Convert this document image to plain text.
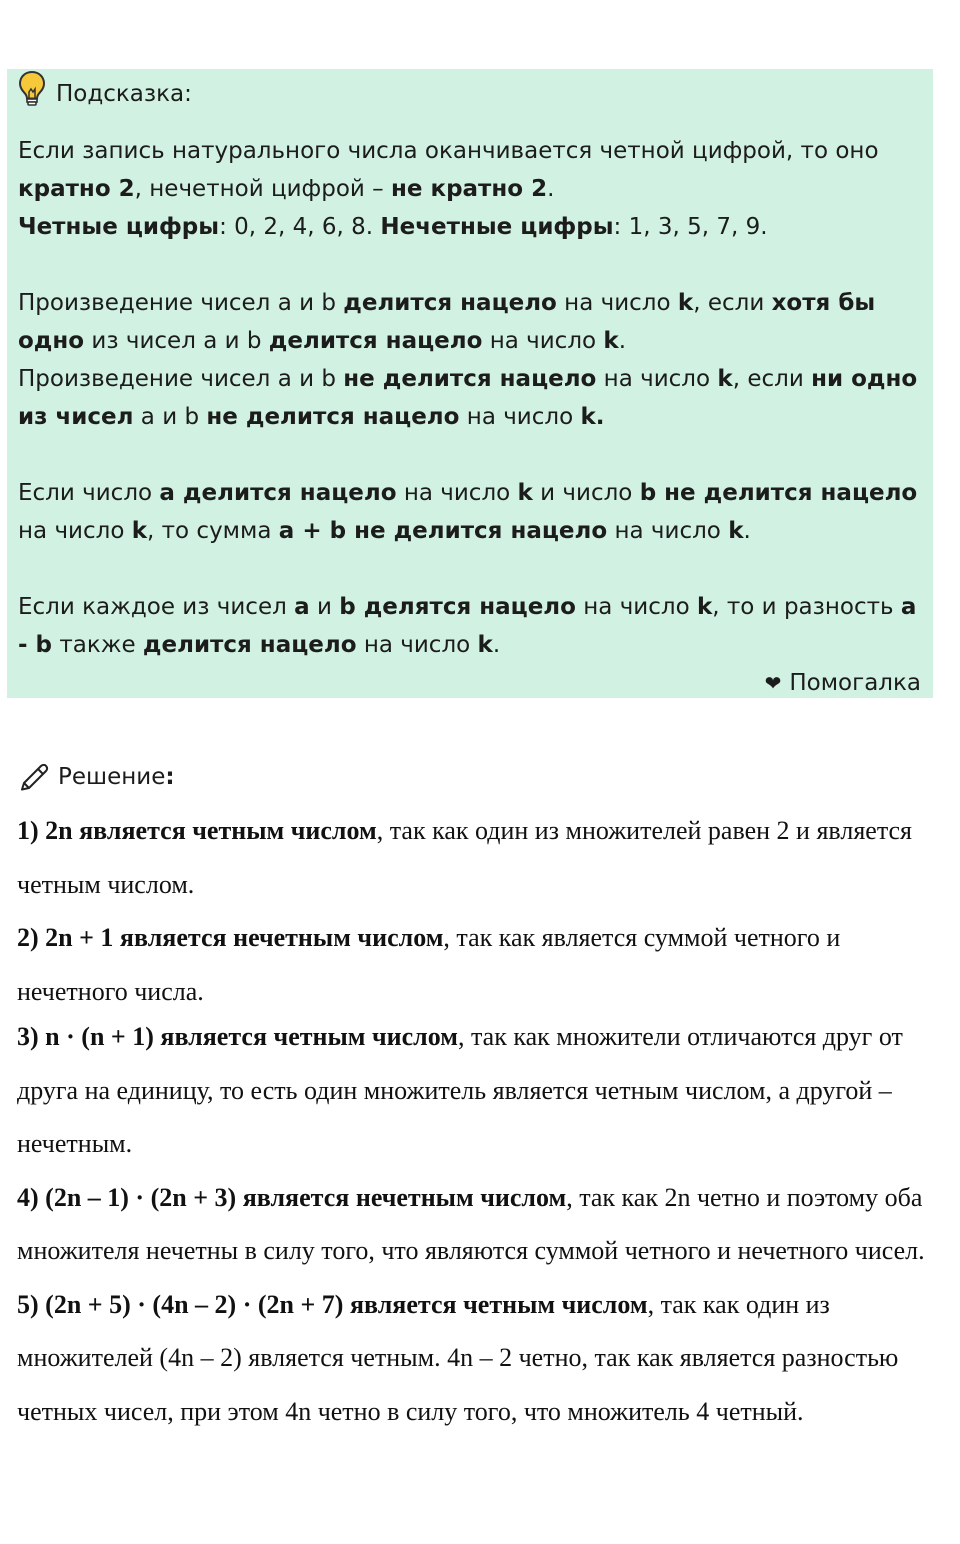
Подсказка:

Если запись натурального числа оканчивается четной цифрой, то оно кратно 2, нечетной цифрой – не кратно 2.
Четные цифры: 0, 2, 4, 6, 8. Нечетные цифры: 1, 3, 5, 7, 9.

Произведение чисел a и b делится нацело на число k, если хотя бы одно из чисел a и b делится нацело на число k.
Произведение чисел a и b не делится нацело на число k, если ни одно из чисел a и b не делится нацело на число k.

Если число a делится нацело на число k и число b не делится нацело на число k, то сумма a + b не делится нацело на число k.

Если каждое из чисел a и b делятся нацело на число k, то и разность a - b также делится нацело на число k.

❤ Помогалка
Решение :

1) 2n является четным числом, так как один из множителей равен 2 и является четным числом.

2) 2n + 1 является нечетным числом, так как является суммой четного и нечетного числа.

3) n · (n + 1) является четным числом, так как множители отличаются друг от друга на единицу, то есть один множитель является четным числом, а другой – нечетным.

4) (2n – 1) · (2n + 3) является нечетным числом, так как 2n четно и поэтому оба множителя нечетны в силу того, что являются суммой четного и нечетного чисел.

5) (2n + 5) · (4n – 2) · (2n + 7) является четным числом, так как один из множителей (4n – 2) является четным. 4n – 2 четно, так как является разностью четных чисел, при этом 4n четно в силу того, что множитель 4 четный.
